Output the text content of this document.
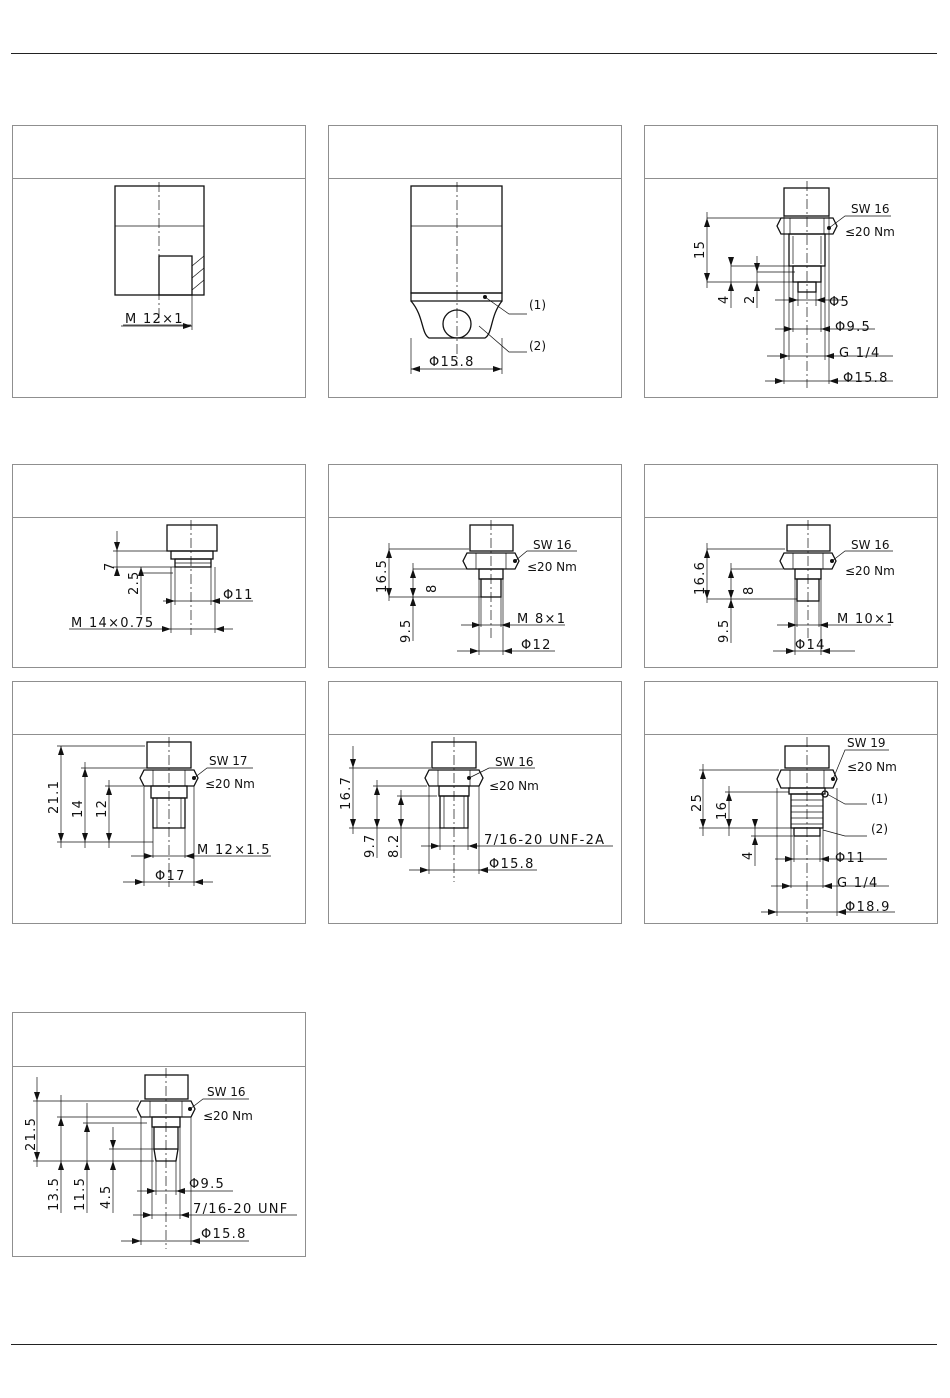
M 12×1
Φ15.8
(1)
(2)
SW 16
≤20 Nm
15
4 2	Φ5
Φ9.5
G 1/4
Φ15.8
7
2.5
Φ11
M 14×0.75
SW 16
≤20 Nm
16.5	8
9.5	M 8×1
Φ12
SW 16
≤20 Nm
16.6	8
9.5	M 10×1
Φ14
SW 17
≤20 Nm
21.1 14 12
M 12×1.5
Φ17
SW 16
≤20 Nm
16.7
9.7 8.2	7/16-20 UNF-2A
Φ15.8
SW 19
≤20 Nm
(1)
(2)
25 16
4	Φ11
G 1/4
Φ18.9
SW 16
≤20 Nm
21.5
13.5 11.5 4.5	Φ9.5
7/16-20 UNF
Φ15.8
